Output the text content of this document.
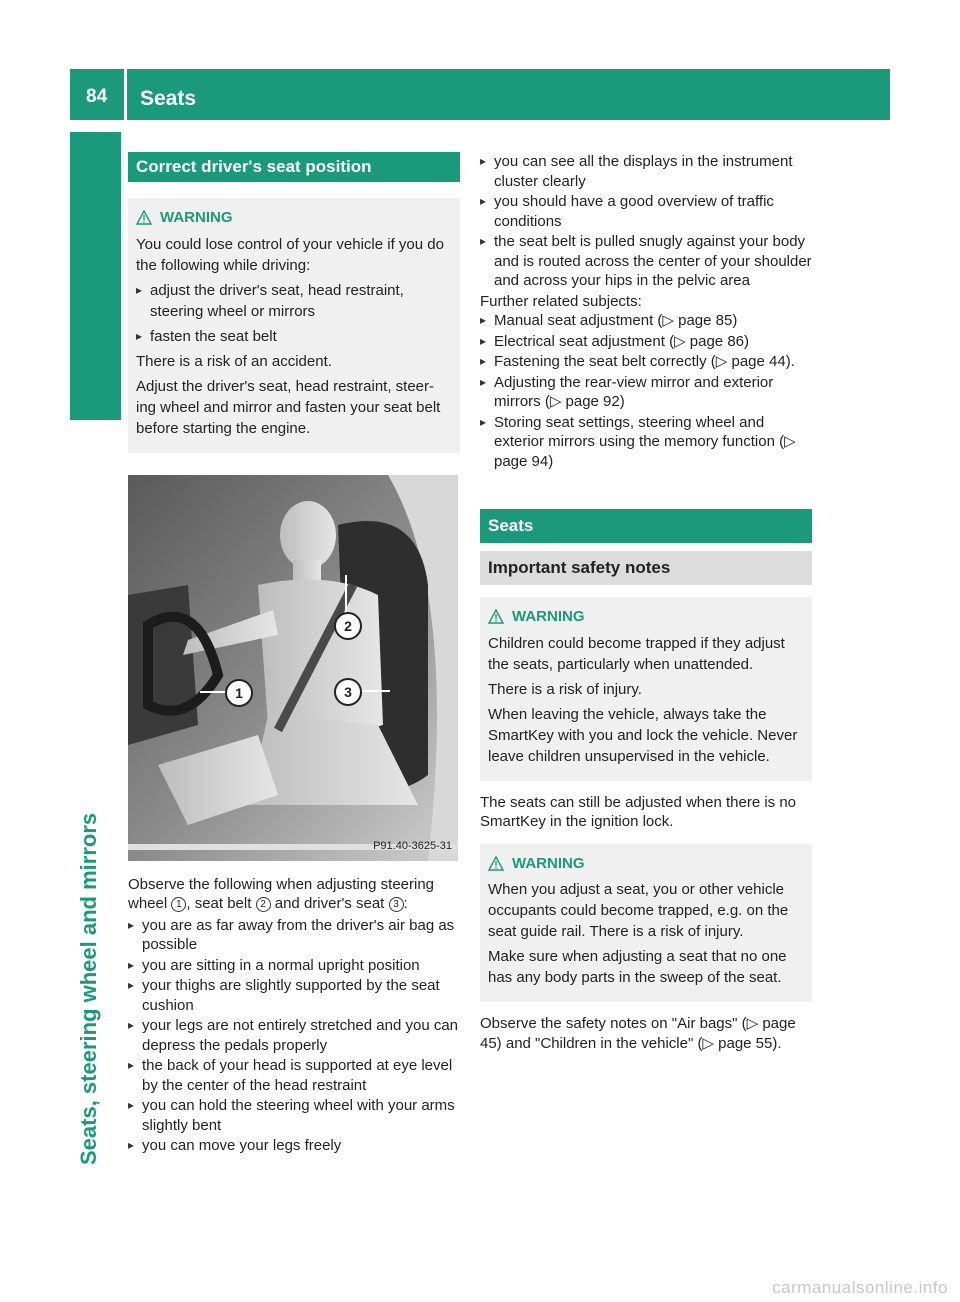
84 Seats
Seats, steering wheel and mirrors
Correct driver's seat position
WARNING

You could lose control of your vehicle if you do the following while driving:

▸ adjust the driver's seat, head restraint, steering wheel or mirrors
▸ fasten the seat belt

There is a risk of an accident.

Adjust the driver's seat, head restraint, steer-ing wheel and mirror and fasten your seat belt before starting the engine.

1
2
3
P91.40-3625-31

Observe the following when adjusting steering wheel 1 , seat belt 2 and driver's seat 3 :

▸ you are as far away from the driver's air bag as possible
▸ you are sitting in a normal upright position
▸ your thighs are slightly supported by the seat cushion
▸ your legs are not entirely stretched and you can depress the pedals properly
▸ the back of your head is supported at eye level by the center of the head restraint
▸ you can hold the steering wheel with your arms slightly bent
▸ you can move your legs freely
▸ you can see all the displays in the instrument cluster clearly
▸ you should have a good overview of traffic conditions
▸ the seat belt is pulled snugly against your body and is routed across the center of your shoulder and across your hips in the pelvic area

Further related subjects:

▸ Manual seat adjustment (▷ page 85)
▸ Electrical seat adjustment (▷ page 86)
▸ Fastening the seat belt correctly (▷ page 44).
▸ Adjusting the rear-view mirror and exterior mirrors (▷ page 92)
▸ Storing seat settings, steering wheel and exterior mirrors using the memory function (▷ page 94)
Seats
Important safety notes
WARNING

Children could become trapped if they adjust the seats, particularly when unattended.

There is a risk of injury.

When leaving the vehicle, always take the SmartKey with you and lock the vehicle. Never leave children unsupervised in the vehicle.

The seats can still be adjusted when there is no SmartKey in the ignition lock.

WARNING

When you adjust a seat, you or other vehicle occupants could become trapped, e.g. on the seat guide rail. There is a risk of injury.

Make sure when adjusting a seat that no one has any body parts in the sweep of the seat.

Observe the safety notes on "Air bags" (▷ page 45) and "Children in the vehicle" (▷ page 55).

carmanualsonline.info
